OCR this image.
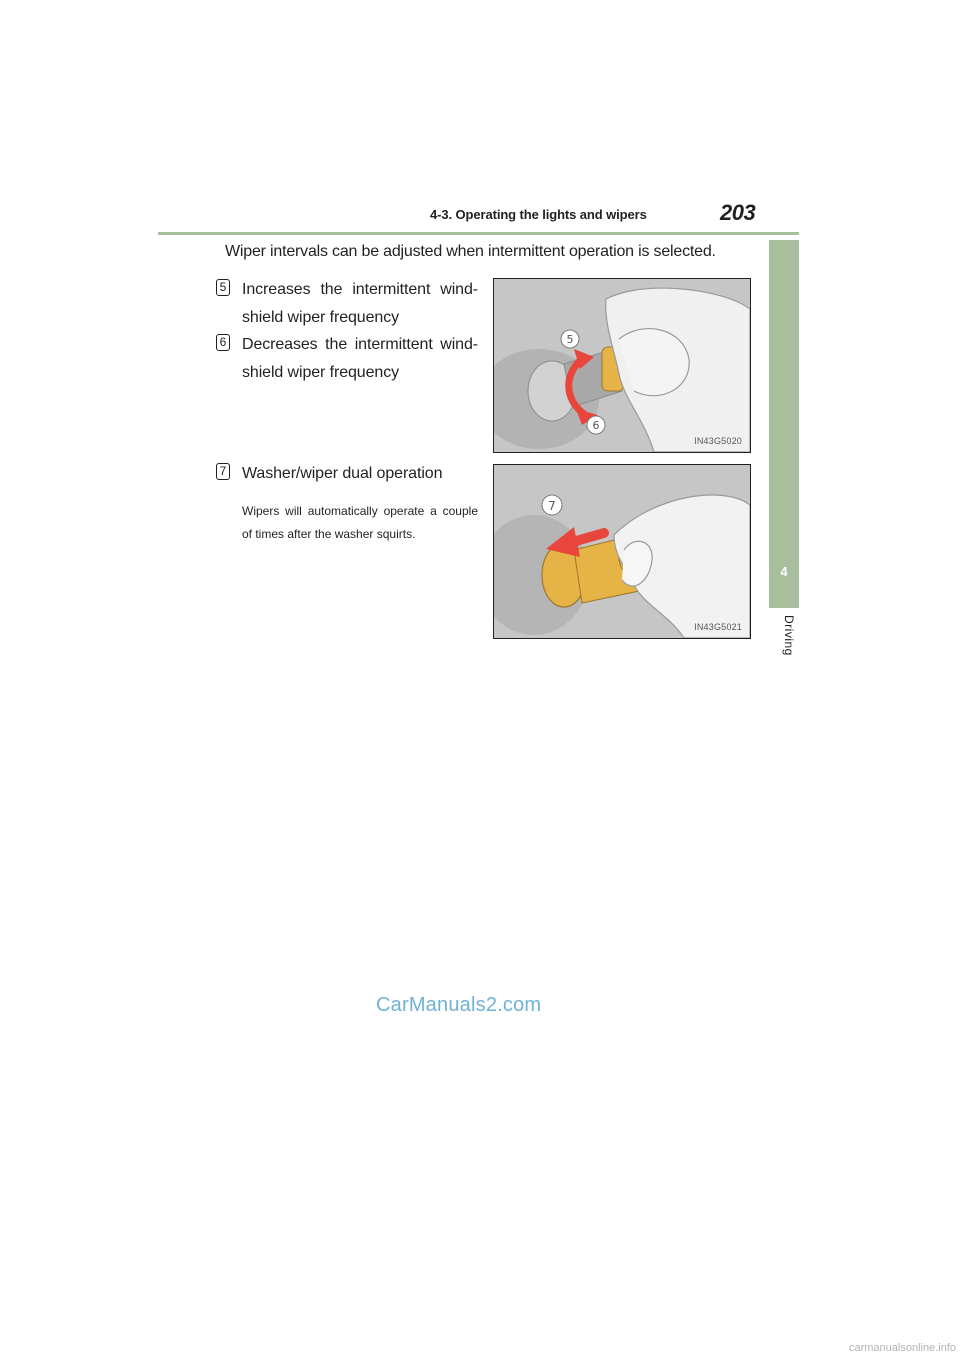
4-3. Operating the lights and wipers	203
4
Driving
Wiper intervals can be adjusted when intermittent operation is selected.
5 Increases the intermittent wind-shield wiper frequency
6 Decreases the intermittent wind-shield wiper frequency
7 Washer/wiper dual operation
Wipers will automatically operate a couple of times after the washer squirts.
5
6
IN43G5020
7
IN43G5021
CarManuals2.com
carmanualsonline.info
